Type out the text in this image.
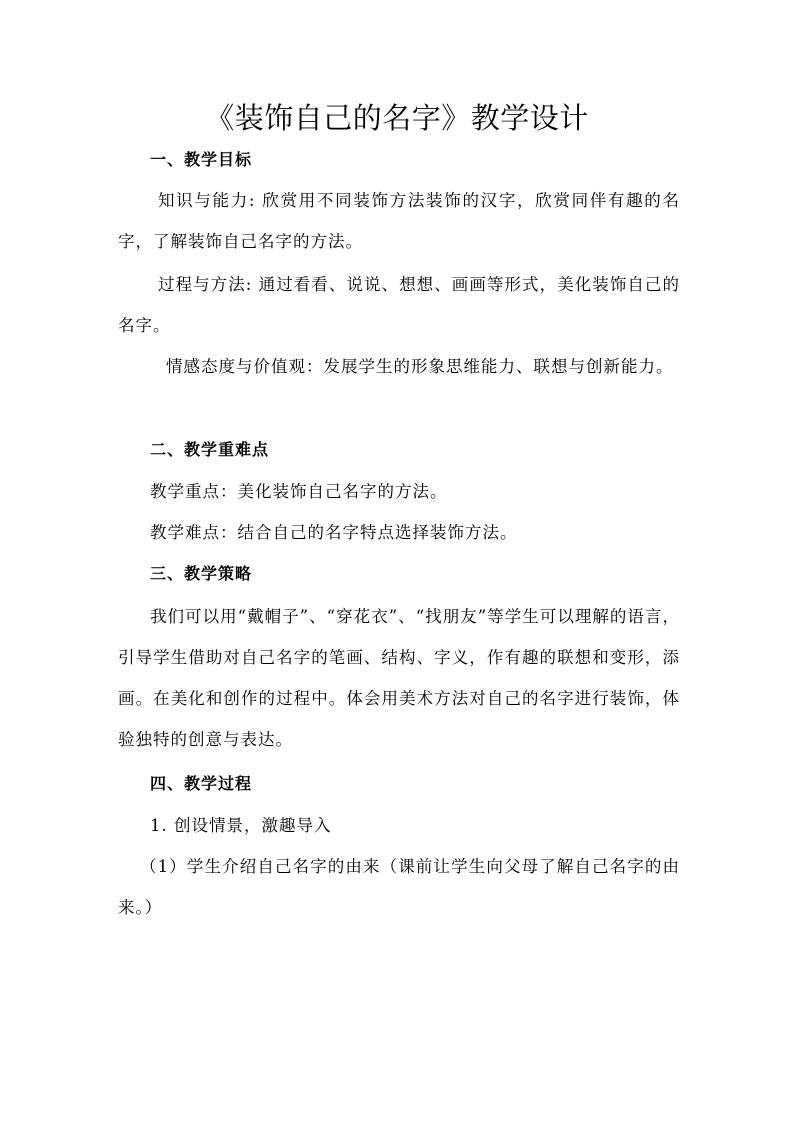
《装饰自己的名字》教学设计
一、教学目标

知识与能力: 欣赏用不同装饰方法装饰的汉字，欣赏同伴有趣的名字，了解装饰自己名字的方法。

过程与方法: 通过看看、说说、想想、画画等形式，美化装饰自己的名字。

情感态度与价值观：发展学生的形象思维能力、联想与创新能力。

二、教学重难点

教学重点：美化装饰自己名字的方法。

教学难点：结合自己的名字特点选择装饰方法。

三、教学策略

我们可以用“戴帽子”、“穿花衣”、“找朋友”等学生可以理解的语言，引导学生借助对自己名字的笔画、结构、字义，作有趣的联想和变形，添画。在美化和创作的过程中。体会用美术方法对自己的名字进行装饰，体验独特的创意与表达。

四、教学过程

1. 创设情景，激趣导入

（1）学生介绍自己名字的由来（课前让学生向父母了解自己名字的由来。）
